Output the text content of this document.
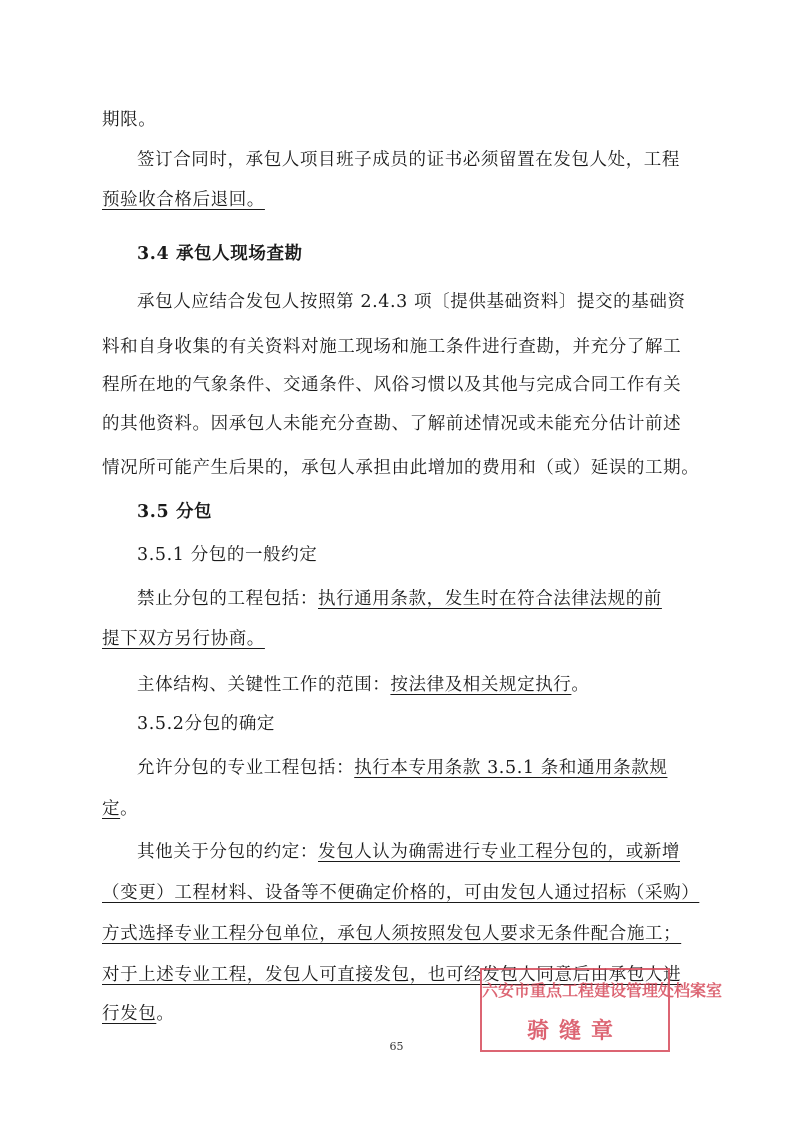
期限。
签订合同时，承包人项目班子成员的证书必须留置在发包人处，工程
预验收合格后退回。
3.4 承包人现场查勘
承包人应结合发包人按照第 2.4.3 项〔提供基础资料〕提交的基础资
料和自身收集的有关资料对施工现场和施工条件进行查勘，并充分了解工
程所在地的气象条件、交通条件、风俗习惯以及其他与完成合同工作有关
的其他资料。因承包人未能充分查勘、了解前述情况或未能充分估计前述
情况所可能产生后果的，承包人承担由此增加的费用和（或）延误的工期。
3.5 分包
3.5.1 分包的一般约定
禁止分包的工程包括：执行通用条款，发生时在符合法律法规的前
提下双方另行协商。
主体结构、关键性工作的范围：按法律及相关规定执行。
3.5.2分包的确定
允许分包的专业工程包括：执行本专用条款 3.5.1 条和通用条款规
定。
其他关于分包的约定：发包人认为确需进行专业工程分包的，或新增
（变更）工程材料、设备等不便确定价格的，可由发包人通过招标（采购）
方式选择专业工程分包单位，承包人须按照发包人要求无条件配合施工；
对于上述专业工程，发包人可直接发包，也可经发包人同意后由承包人进
行发包。
65
六安市重点工程建设管理处档案室
骑缝章
